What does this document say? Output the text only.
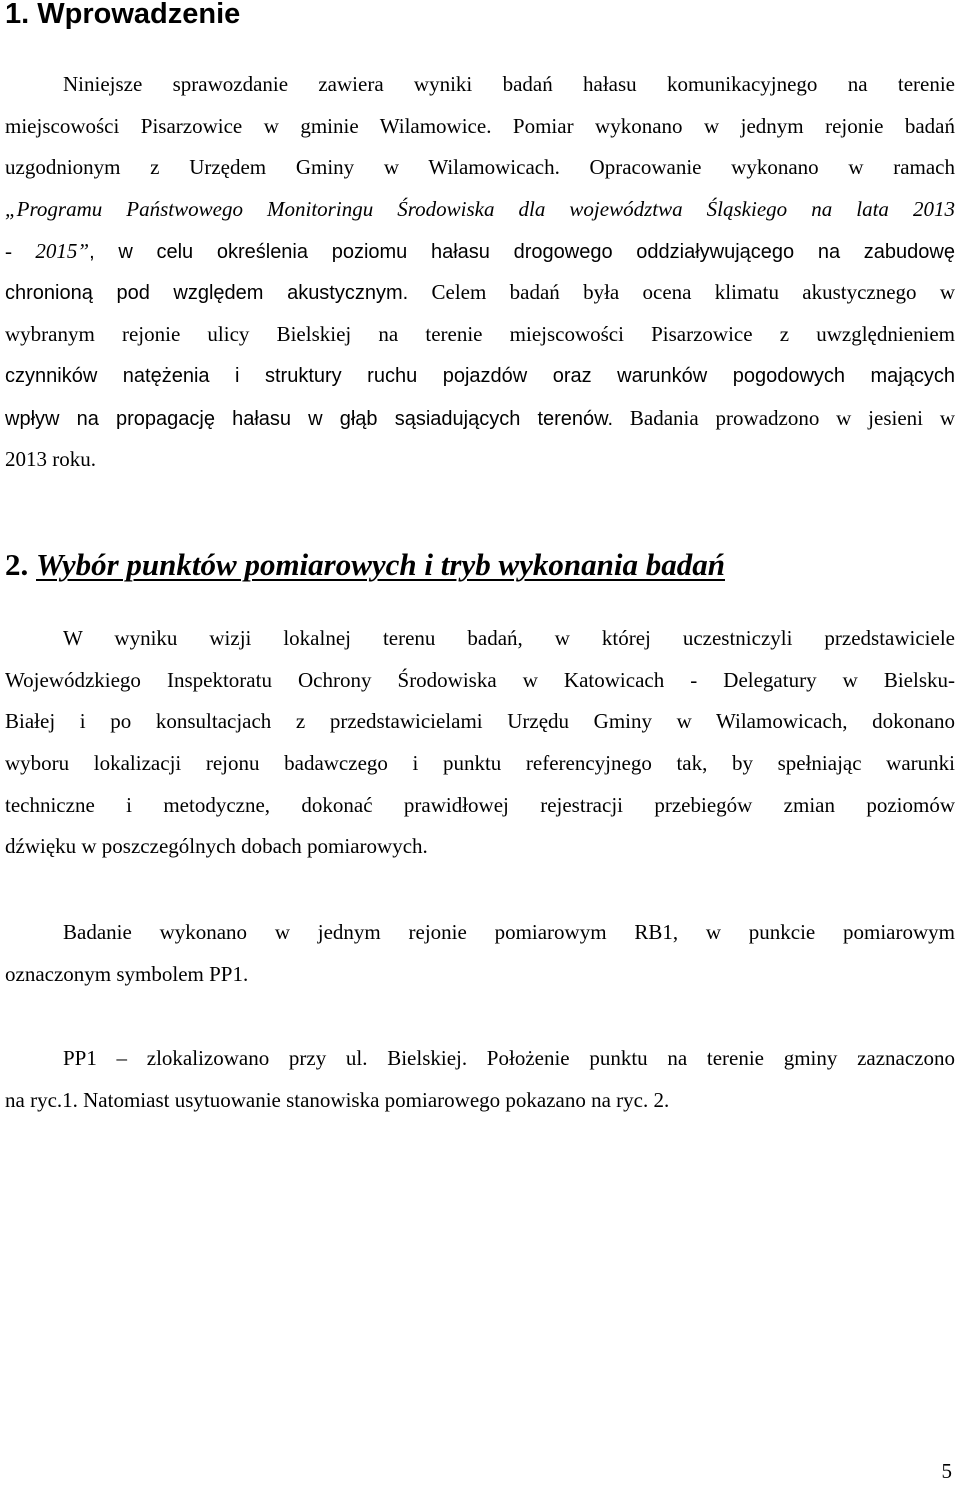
1. Wprowadzenie
Niniejsze sprawozdanie zawiera wyniki badań hałasu komunikacyjnego na terenie
miejscowości Pisarzowice w gminie Wilamowice. Pomiar wykonano w jednym rejonie badań
uzgodnionym z Urzędem Gminy w Wilamowicach. Opracowanie wykonano w ramach
„Programu Państwowego Monitoringu Środowiska dla województwa Śląskiego na lata 2013
- 2015”, w celu określenia poziomu hałasu drogowego oddziaływującego na zabudowę
chronioną pod względem akustycznym. Celem badań była ocena klimatu akustycznego w
wybranym rejonie ulicy Bielskiej na terenie miejscowości Pisarzowice z uwzględnieniem
czynników natężenia i struktury ruchu pojazdów oraz warunków pogodowych mających
wpływ na propagację hałasu w głąb sąsiadujących terenów. Badania prowadzono w jesieni w
2013 roku.
2. Wybór punktów pomiarowych i tryb wykonania badań
W wyniku wizji lokalnej terenu badań, w której uczestniczyli przedstawiciele
Wojewódzkiego Inspektoratu Ochrony Środowiska w Katowicach - Delegatury w Bielsku-
Białej i po konsultacjach z przedstawicielami Urzędu Gminy w Wilamowicach, dokonano
wyboru lokalizacji rejonu badawczego i punktu referencyjnego tak, by spełniając warunki
techniczne i metodyczne, dokonać prawidłowej rejestracji przebiegów zmian poziomów
dźwięku w poszczególnych dobach pomiarowych.
Badanie wykonano w jednym rejonie pomiarowym RB1, w punkcie pomiarowym
oznaczonym symbolem PP1.
PP1 – zlokalizowano przy ul. Bielskiej. Położenie punktu na terenie gminy zaznaczono
na ryc.1. Natomiast usytuowanie stanowiska pomiarowego pokazano na ryc. 2.
5
